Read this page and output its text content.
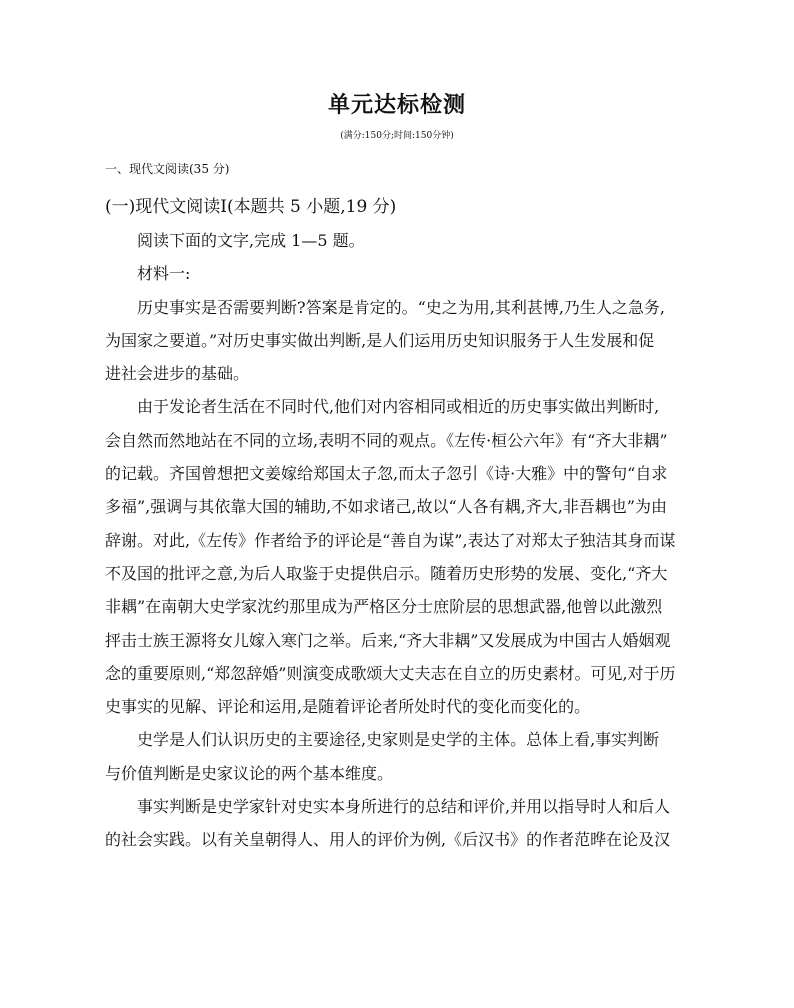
单元达标检测
(满分:150分;时间:150分钟)
一、现代文阅读(35 分)
(一)现代文阅读Ⅰ(本题共 5 小题,19 分)
阅读下面的文字,完成 1—5 题。
材料一:
历史事实是否需要判断?答案是肯定的。“史之为用,其利甚博,乃生人之急务,
为国家之要道。”对历史事实做出判断,是人们运用历史知识服务于人生发展和促
进社会进步的基础。
由于发论者生活在不同时代,他们对内容相同或相近的历史事实做出判断时,
会自然而然地站在不同的立场,表明不同的观点。《左传·桓公六年》有“齐大非耦”
的记载。齐国曾想把文姜嫁给郑国太子忽,而太子忽引《诗·大雅》中的警句“自求
多福”,强调与其依靠大国的辅助,不如求诸己,故以“人各有耦,齐大,非吾耦也”为由
辞谢。对此,《左传》作者给予的评论是“善自为谋”,表达了对郑太子独洁其身而谋
不及国的批评之意,为后人取鉴于史提供启示。随着历史形势的发展、变化,“齐大
非耦”在南朝大史学家沈约那里成为严格区分士庶阶层的思想武器,他曾以此激烈
抨击士族王源将女儿嫁入寒门之举。后来,“齐大非耦”又发展成为中国古人婚姻观
念的重要原则,“郑忽辞婚”则演变成歌颂大丈夫志在自立的历史素材。可见,对于历
史事实的见解、评论和运用,是随着评论者所处时代的变化而变化的。
史学是人们认识历史的主要途径,史家则是史学的主体。总体上看,事实判断
与价值判断是史家议论的两个基本维度。
事实判断是史学家针对史实本身所进行的总结和评价,并用以指导时人和后人
的社会实践。以有关皇朝得人、用人的评价为例,《后汉书》的作者范晔在论及汉
